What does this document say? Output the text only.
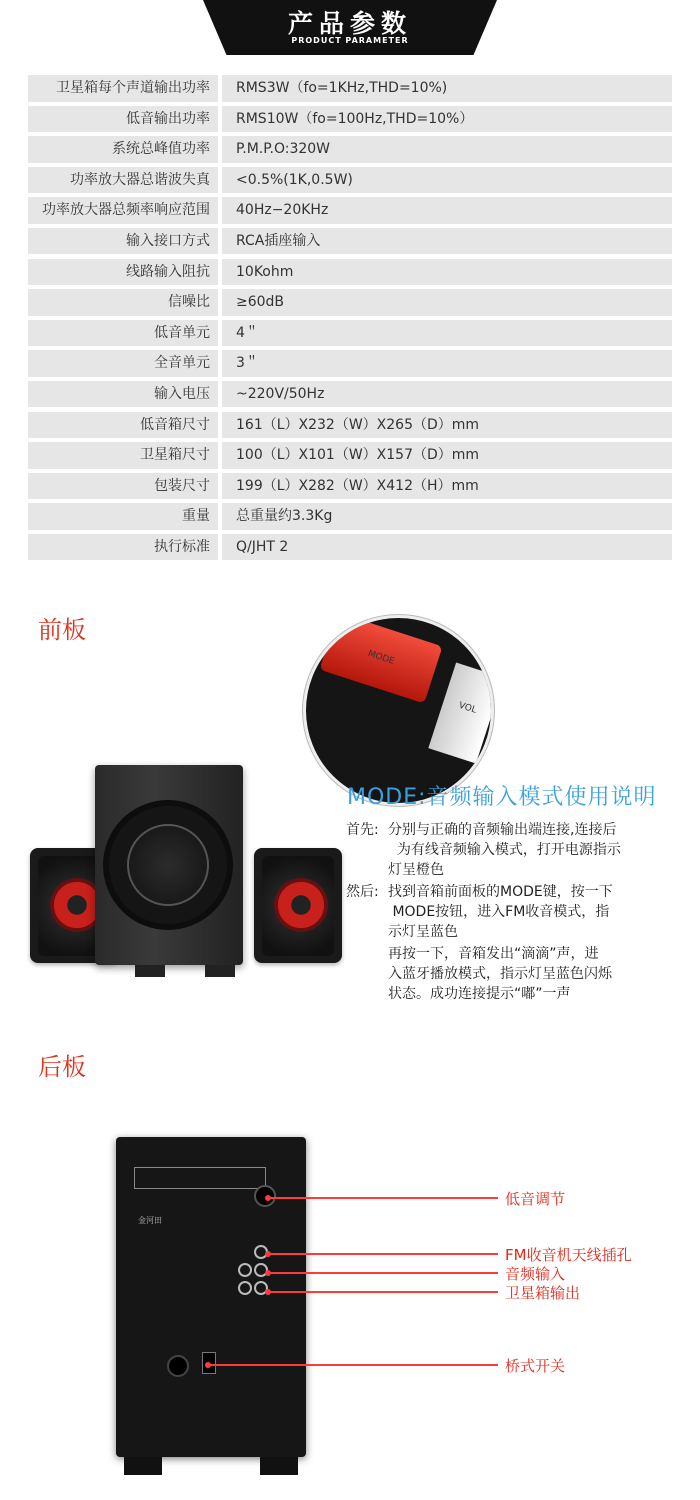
产品参数
PRODUCT PARAMETER
卫星箱每个声道输出功率	RMS3W（fo=1KHz,THD=10%)
低音输出功率	RMS10W（fo=100Hz,THD=10%）
系统总峰值功率	P.M.P.O:320W
功率放大器总谐波失真	<0.5%(1K,0.5W)
功率放大器总频率响应范围	40Hz−20KHz
输入接口方式	RCA插座输入
线路输入阻抗	10Kohm
信噪比	≥60dB
低音单元	4＂
全音单元	3＂
输入电压	~220V/50Hz
低音箱尺寸	161（L）X232（W）X265（D）mm
卫星箱尺寸	100（L）X101（W）X157（D）mm
包装尺寸	199（L）X282（W）X412（H）mm
重量	总重量约3.3Kg
执行标准	Q/JHT 2
前板
MODE
VOL
MODE:音频输入模式使用说明
首先: 分别与正确的音频输出端连接,连接后
为有线音频输入模式，打开电源指示
灯呈橙色
然后: 找到音箱前面板的MODE键，按一下
MODE按钮，进入FM收音模式，指
示灯呈蓝色
再按一下，音箱发出“滴滴”声，进
入蓝牙播放模式，指示灯呈蓝色闪烁
状态。成功连接提示“嘟”一声
后板
金河田
低音调节
FM收音机天线插孔
音频输入
卫星箱输出
桥式开关
